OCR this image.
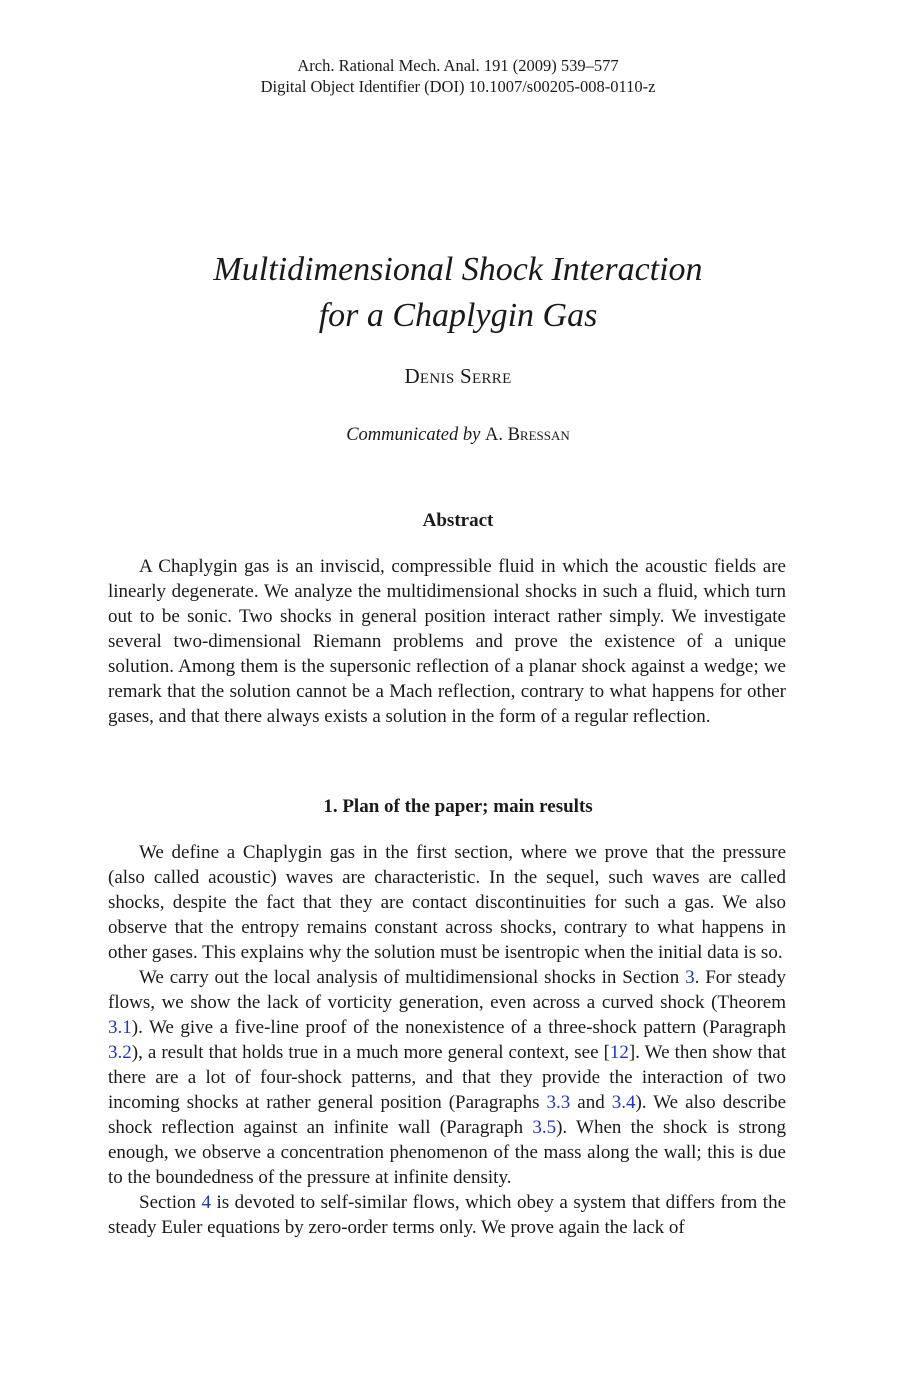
Arch. Rational Mech. Anal. 191 (2009) 539–577
Digital Object Identifier (DOI) 10.1007/s00205-008-0110-z
Multidimensional Shock Interaction
for a Chaplygin Gas
Denis Serre
Communicated by A. Bressan
Abstract

A Chaplygin gas is an inviscid, compressible fluid in which the acoustic fields are linearly degenerate. We analyze the multidimensional shocks in such a fluid, which turn out to be sonic. Two shocks in general position interact rather simply. We investigate several two-dimensional Riemann problems and prove the existence of a unique solution. Among them is the supersonic reflection of a planar shock against a wedge; we remark that the solution cannot be a Mach reflection, contrary to what happens for other gases, and that there always exists a solution in the form of a regular reflection.

1. Plan of the paper; main results

We define a Chaplygin gas in the first section, where we prove that the pressure (also called acoustic) waves are characteristic. In the sequel, such waves are called shocks, despite the fact that they are contact discontinuities for such a gas. We also observe that the entropy remains constant across shocks, contrary to what happens in other gases. This explains why the solution must be isentropic when the initial data is so.

We carry out the local analysis of multidimensional shocks in Section 3. For steady flows, we show the lack of vorticity generation, even across a curved shock (Theorem 3.1). We give a five-line proof of the nonexistence of a three-shock pattern (Paragraph 3.2), a result that holds true in a much more general context, see [12]. We then show that there are a lot of four-shock patterns, and that they provide the interaction of two incoming shocks at rather general position (Paragraphs 3.3 and 3.4). We also describe shock reflection against an infinite wall (Paragraph 3.5). When the shock is strong enough, we observe a concentration phenomenon of the mass along the wall; this is due to the boundedness of the pressure at infinite density.

Section 4 is devoted to self-similar flows, which obey a system that differs from the steady Euler equations by zero-order terms only. We prove again the lack of
